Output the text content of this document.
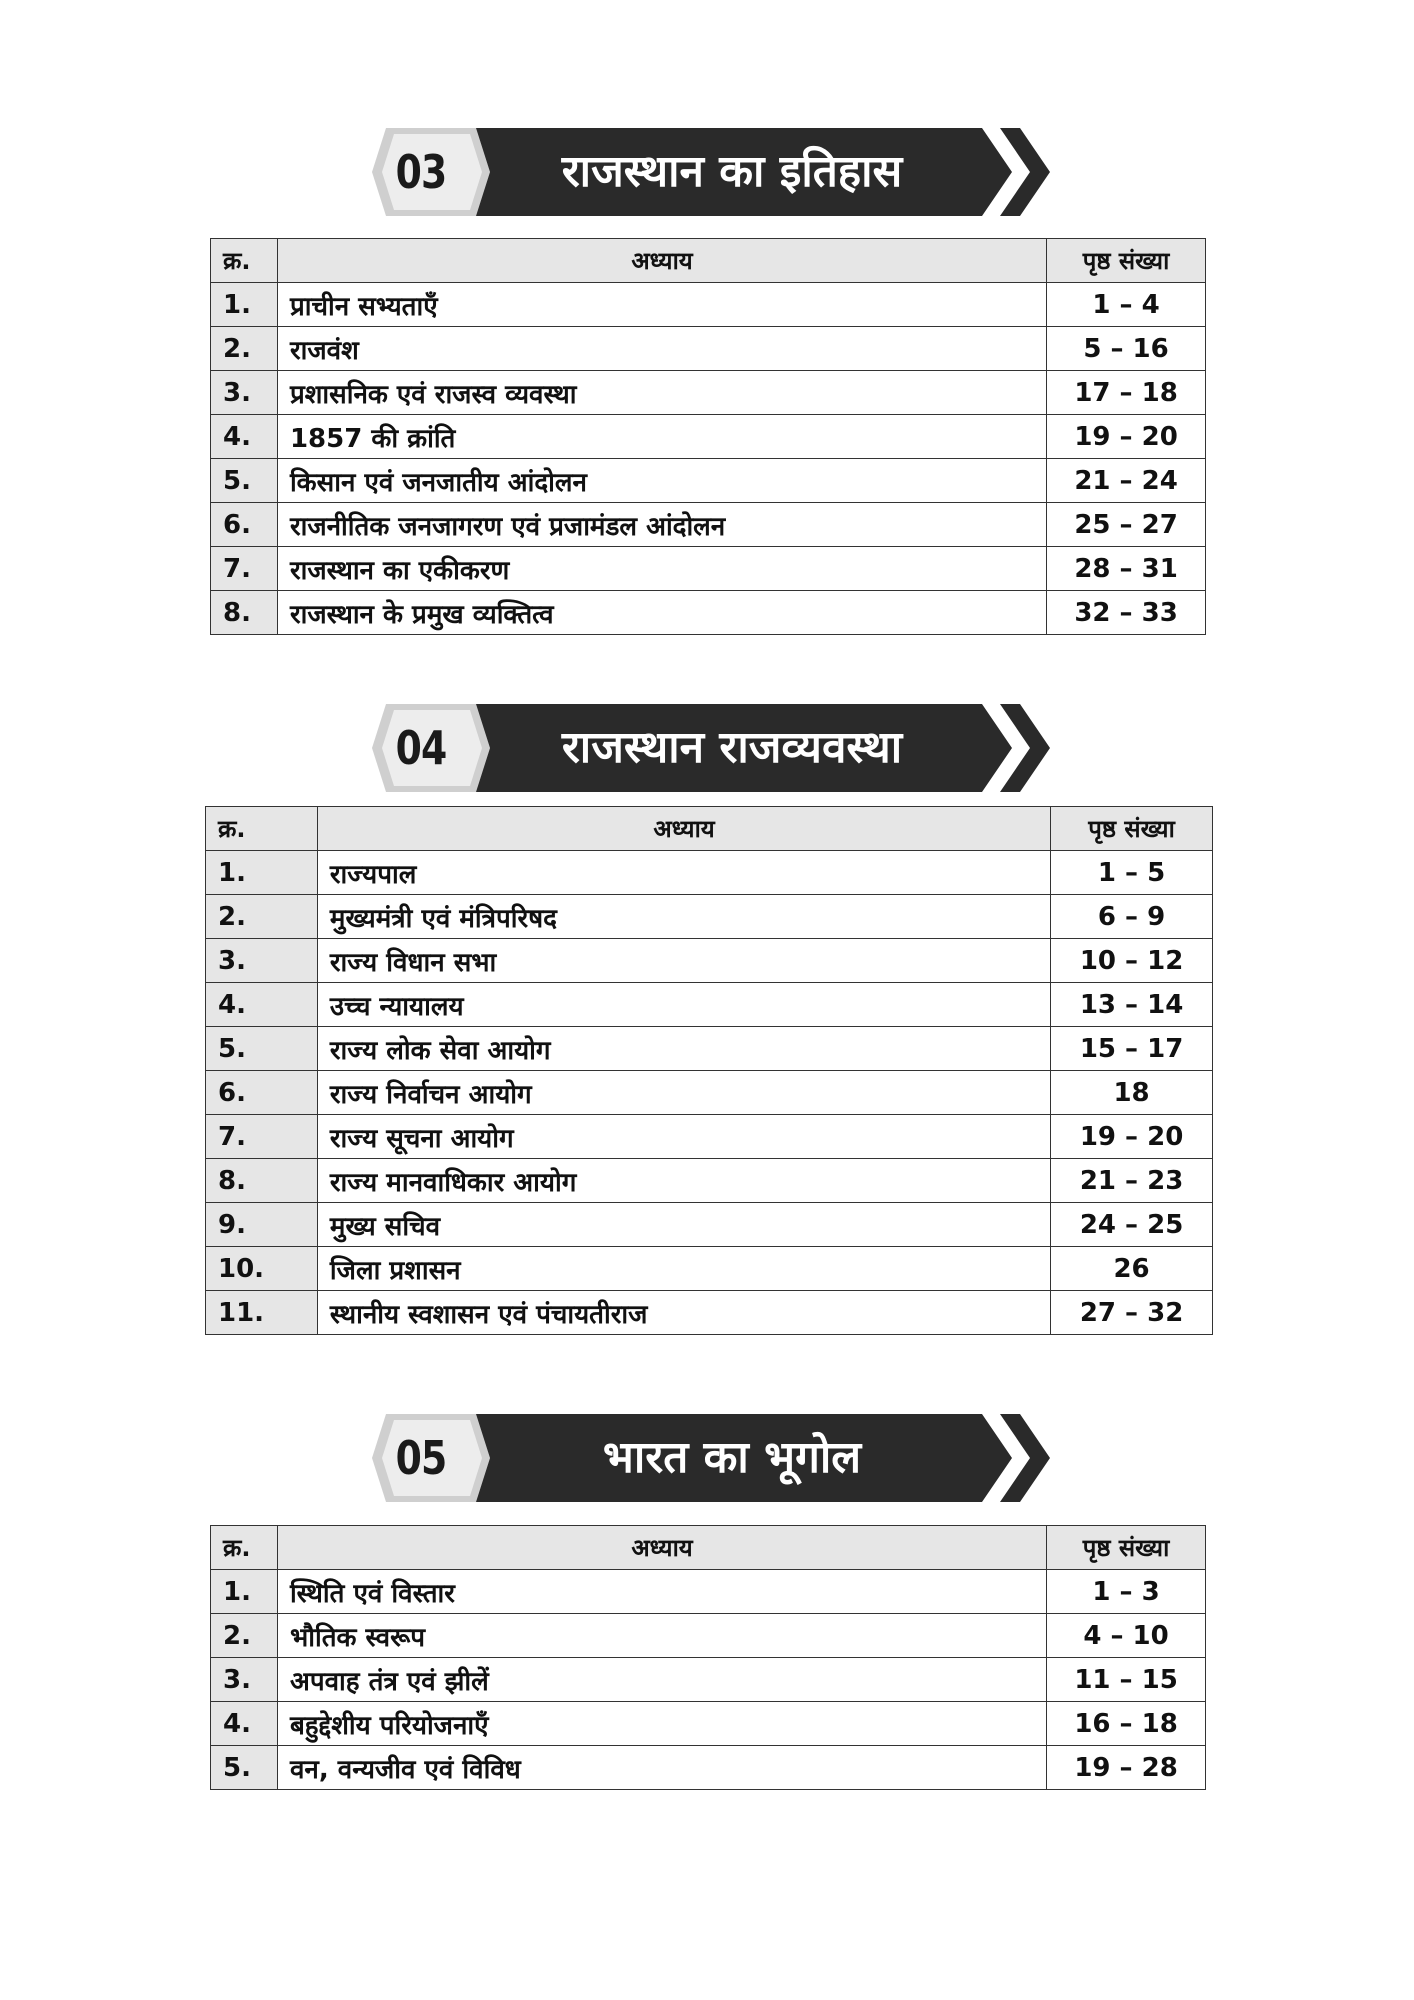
03	राजस्थान का इतिहास
क्र.	अध्याय	पृष्ठ संख्या
1.	प्राचीन सभ्यताएँ	1 – 4
2.	राजवंश	5 – 16
3.	प्रशासनिक एवं राजस्व व्यवस्था	17 – 18
4.	1857 की क्रांति	19 – 20
5.	किसान एवं जनजातीय आंदोलन	21 – 24
6.	राजनीतिक जनजागरण एवं प्रजामंडल आंदोलन	25 – 27
7.	राजस्थान का एकीकरण	28 – 31
8.	राजस्थान के प्रमुख व्यक्तित्व	32 – 33
04	राजस्थान राजव्यवस्था
क्र.	अध्याय	पृष्ठ संख्या
1.	राज्यपाल	1 – 5
2.	मुख्यमंत्री एवं मंत्रिपरिषद	6 – 9
3.	राज्य विधान सभा	10 – 12
4.	उच्च न्यायालय	13 – 14
5.	राज्य लोक सेवा आयोग	15 – 17
6.	राज्य निर्वाचन आयोग	18
7.	राज्य सूचना आयोग	19 – 20
8.	राज्य मानवाधिकार आयोग	21 – 23
9.	मुख्य सचिव	24 – 25
10.	जिला प्रशासन	26
11.	स्थानीय स्वशासन एवं पंचायतीराज	27 – 32
05	भारत का भूगोल
क्र.	अध्याय	पृष्ठ संख्या
1.	स्थिति एवं विस्तार	1 – 3
2.	भौतिक स्वरूप	4 – 10
3.	अपवाह तंत्र एवं झीलें	11 – 15
4.	बहुद्देशीय परियोजनाएँ	16 – 18
5.	वन, वन्यजीव एवं विविध	19 – 28
